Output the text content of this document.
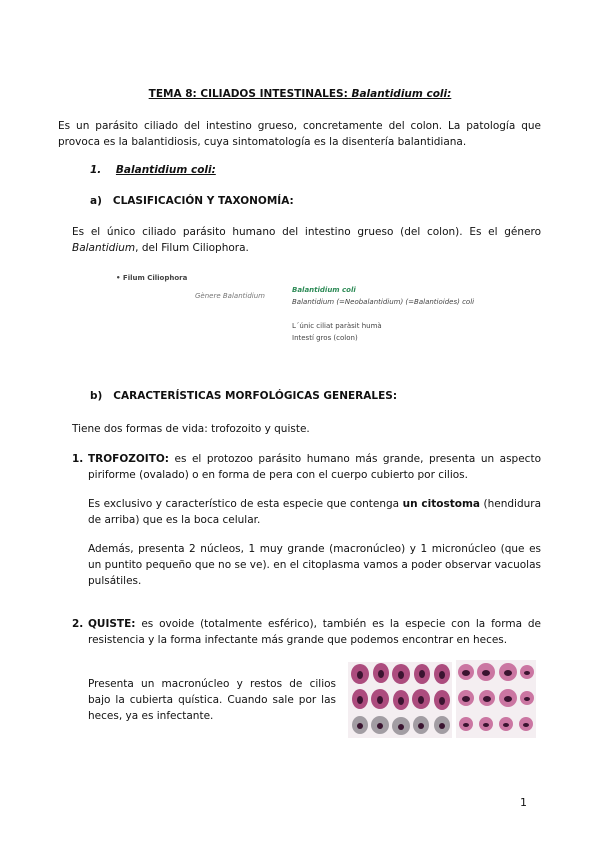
TEMA 8: CILIADOS INTESTINALES: Balantidium coli:
Es un parásito ciliado del intestino grueso, concretamente del colon. La patología que provoca es la balantidiosis, cuya sintomatología es la disentería balantidiana.
1. Balantidium coli:
a) CLASIFICACIÓN Y TAXONOMÍA:
Es el único ciliado parásito humano del intestino grueso (del colon). Es el género Balantidium, del Filum Ciliophora.
• Filum Ciliophora
Gènere Balantidium
Balantidium coli
Balantidium (=Neobalantidium) (=Balantioides) coli
L´únic ciliat paràsit humà
Intestí gros (colon)
b) CARACTERÍSTICAS MORFOLÓGICAS GENERALES:
Tiene dos formas de vida: trofozoito y quiste.
1. TROFOZOITO: es el protozoo parásito humano más grande, presenta un aspecto piriforme (ovalado) o en forma de pera con el cuerpo cubierto por cilios.
Es exclusivo y característico de esta especie que contenga un citostoma (hendidura de arriba) que es la boca celular.
Además, presenta 2 núcleos, 1 muy grande (macronúcleo) y 1 micronúcleo (que es un puntito pequeño que no se ve). en el citoplasma vamos a poder observar vacuolas pulsátiles.
2. QUISTE: es ovoide (totalmente esférico), también es la especie con la forma de resistencia y la forma infectante más grande que podemos encontrar en heces.
Presenta un macronúcleo y restos de cilios bajo la cubierta quística. Cuando sale por las heces, ya es infectante.
1
